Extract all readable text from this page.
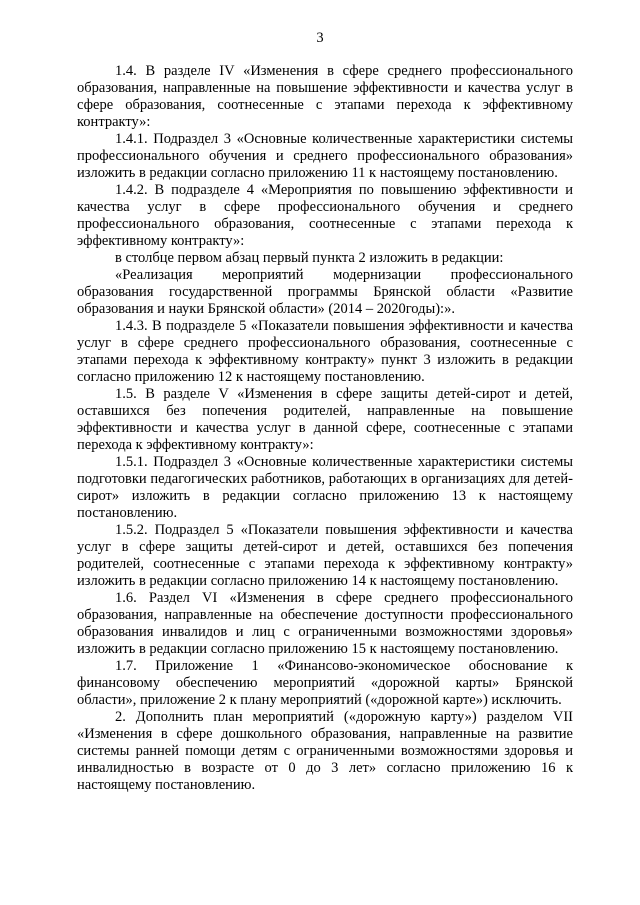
3

1.4. В разделе IV «Изменения в сфере среднего профессионального образования, направленные на повышение эффективности и качества услуг в сфере образования, соотнесенные с этапами перехода к эффективному контракту»:

1.4.1. Подраздел 3 «Основные количественные характеристики системы профессионального обучения и среднего профессионального образования» изложить в редакции согласно приложению 11 к настоящему постановлению.

1.4.2. В подразделе 4 «Мероприятия по повышению эффективности и качества услуг в сфере профессионального обучения и среднего профессионального образования, соотнесенные с этапами перехода к эффективному контракту»:

в столбце первом абзац первый пункта 2 изложить в редакции:

«Реализация мероприятий модернизации профессионального образования государственной программы Брянской области «Развитие образования и науки Брянской области» (2014 – 2020годы):».

1.4.3. В подразделе 5 «Показатели повышения эффективности и качества услуг в сфере среднего профессионального образования, соотнесенные с этапами перехода к эффективному контракту» пункт 3 изложить в редакции согласно приложению 12 к настоящему постановлению.

1.5. В разделе V «Изменения в сфере защиты детей-сирот и детей, оставшихся без попечения родителей, направленные на повышение эффективности и качества услуг в данной сфере, соотнесенные с этапами перехода к эффективному контракту»:

1.5.1. Подраздел 3 «Основные количественные характеристики системы подготовки педагогических работников, работающих в организациях для детей-сирот» изложить в редакции согласно приложению 13 к настоящему постановлению.

1.5.2. Подраздел 5 «Показатели повышения эффективности и качества услуг в сфере защиты детей-сирот и детей, оставшихся без попечения родителей, соотнесенные с этапами перехода к эффективному контракту» изложить в редакции согласно приложению 14 к настоящему постановлению.

1.6. Раздел VI «Изменения в сфере среднего профессионального образования, направленные на обеспечение доступности профессионального образования инвалидов и лиц с ограниченными возможностями здоровья» изложить в редакции согласно приложению 15 к настоящему постановлению.

1.7. Приложение 1 «Финансово-экономическое обоснование к финансовому обеспечению мероприятий «дорожной карты» Брянской области», приложение 2 к плану мероприятий («дорожной карте») исключить.

2. Дополнить план мероприятий («дорожную карту») разделом VII «Изменения в сфере дошкольного образования, направленные на развитие системы ранней помощи детям с ограниченными возможностями здоровья и инвалидностью в возрасте от 0 до 3 лет» согласно приложению 16 к настоящему постановлению.
